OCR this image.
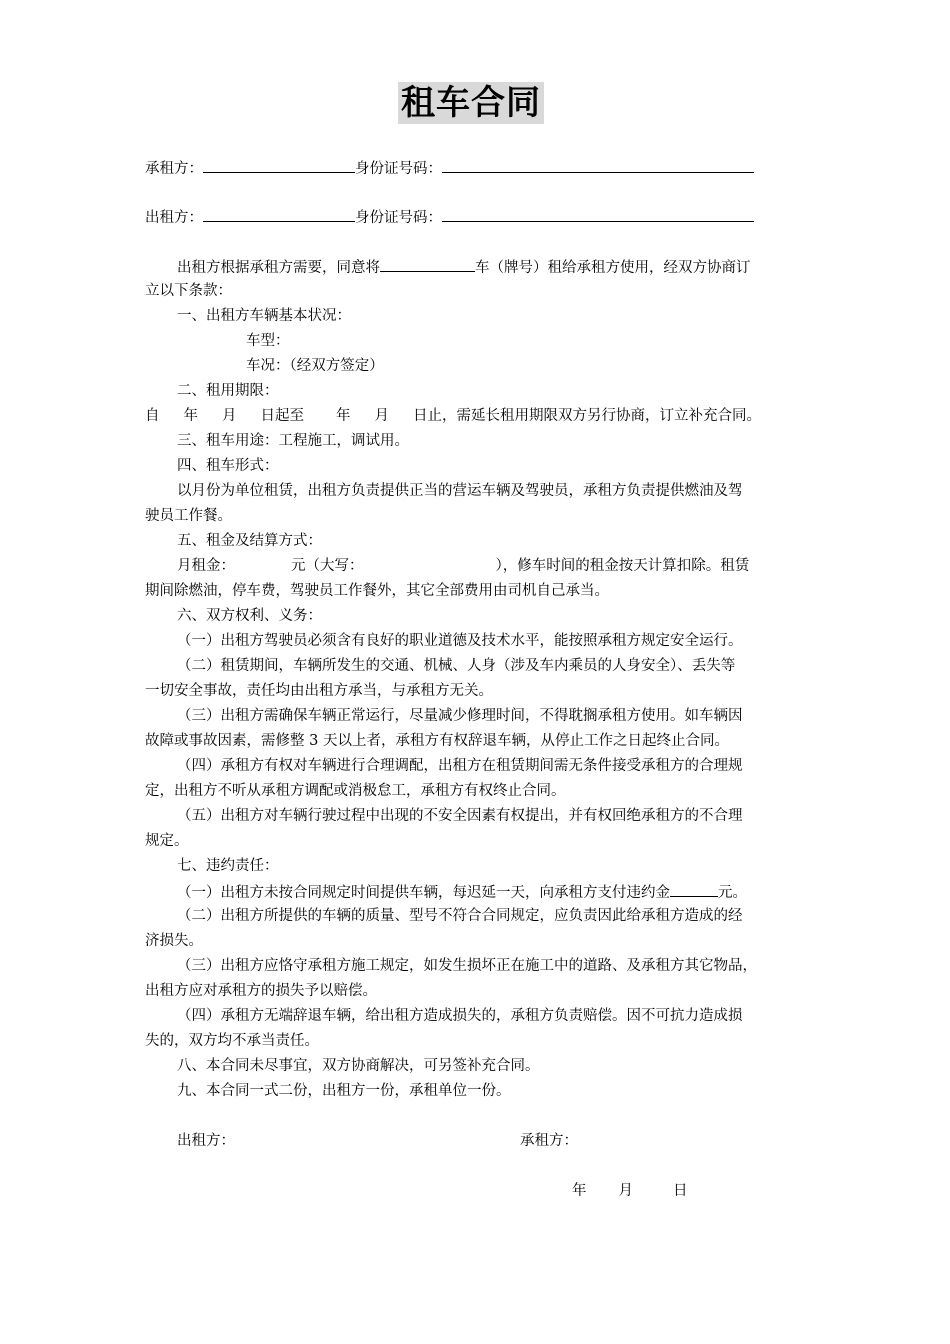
租车合同
承租方：	身份证号码：
出租方：	身份证号码：
出租方根据承租方需要，同意将	车（牌号）租给承租方使用，经双方协商订
立以下条款：
一、出租方车辆基本状况：
车型：
车况：（经双方签定）
二、租用期限：
自 年 月 日起至 年 月 日止，需延长租用期限双方另行协商，订立补充合同。
三、租车用途：工程施工，调试用。
四、租车形式：
以月份为单位租赁，出租方负责提供正当的营运车辆及驾驶员，承租方负责提供燃油及驾
驶员工作餐。
五、租金及结算方式：
月租金：	元（大写：	），修车时间的租金按天计算扣除。租赁
期间除燃油，停车费，驾驶员工作餐外，其它全部费用由司机自己承当。
六、双方权利、义务：
（一）出租方驾驶员必须含有良好的职业道德及技术水平，能按照承租方规定安全运行。
（二）租赁期间，车辆所发生的交通、机械、人身（涉及车内乘员的人身安全）、丢失等
一切安全事故，责任均由出租方承当，与承租方无关。
（三）出租方需确保车辆正常运行，尽量减少修理时间，不得耽搁承租方使用。如车辆因
故障或事故因素，需修整 3 天以上者，承租方有权辞退车辆，从停止工作之日起终止合同。
（四）承租方有权对车辆进行合理调配，出租方在租赁期间需无条件接受承租方的合理规
定，出租方不听从承租方调配或消极怠工，承租方有权终止合同。
（五）出租方对车辆行驶过程中出现的不安全因素有权提出，并有权回绝承租方的不合理
规定。
七、违约责任：
（一）出租方未按合同规定时间提供车辆，每迟延一天，向承租方支付违约金	元。
（二）出租方所提供的车辆的质量、型号不符合合同规定，应负责因此给承租方造成的经
济损失。
（三）出租方应恪守承租方施工规定，如发生损坏正在施工中的道路、及承租方其它物品，
出租方应对承租方的损失予以赔偿。
（四）承租方无端辞退车辆，给出租方造成损失的，承租方负责赔偿。因不可抗力造成损
失的，双方均不承当责任。
八、本合同未尽事宜，双方协商解决，可另签补充合同。
九、本合同一式二份，出租方一份，承租单位一份。
出租方：	承租方：
年 月	日
